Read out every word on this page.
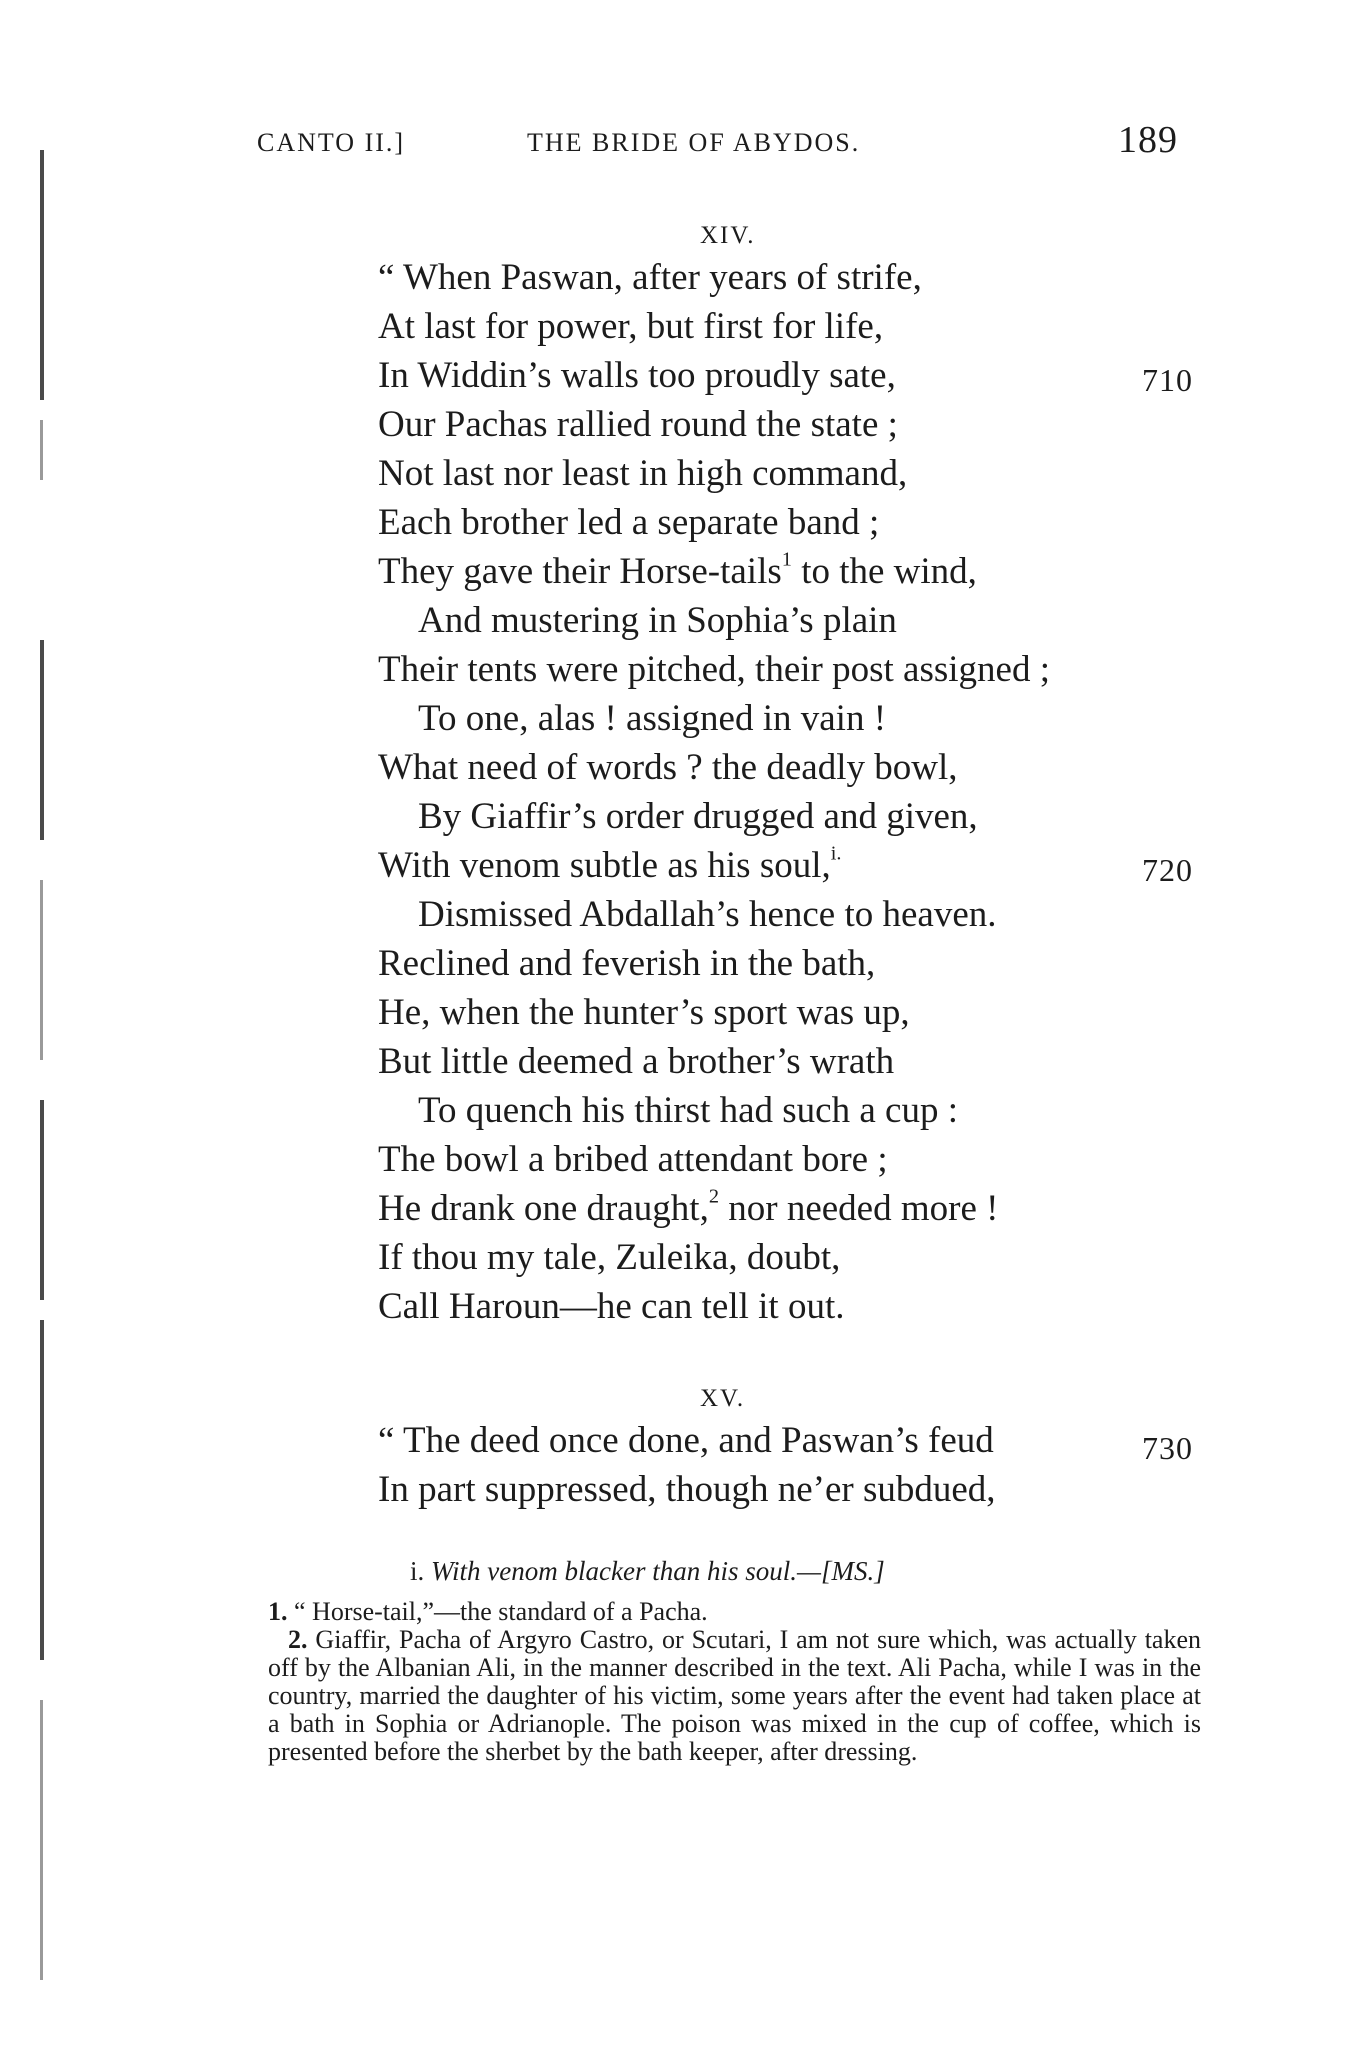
CANTO II.]	THE BRIDE OF ABYDOS.	189
XIV.
“ When Paswan, after years of strife,
At last for power, but first for life,
In Widdin’s walls too proudly sate,	710
Our Pachas rallied round the state ;
Not last nor least in high command,
Each brother led a separate band ;
They gave their Horse-tails$^1$ to the wind,
And mustering in Sophia’s plain
Their tents were pitched, their post assigned ;
To one, alas ! assigned in vain !
What need of words ? the deadly bowl,
By Giaffir’s order drugged and given,
With venom subtle as his soul,$^{i.}$	720
Dismissed Abdallah’s hence to heaven.
Reclined and feverish in the bath,
He, when the hunter’s sport was up,
But little deemed a brother’s wrath
To quench his thirst had such a cup :
The bowl a bribed attendant bore ;
He drank one draught,$^2$ nor needed more !
If thou my tale, Zuleika, doubt,
Call Haroun—he can tell it out.
XV.
“ The deed once done, and Paswan’s feud	730
In part suppressed, though ne’er subdued,
i. With venom blacker than his soul.—[MS.]
1. “ Horse-tail,”—the standard of a Pacha.
2. Giaffir, Pacha of Argyro Castro, or Scutari, I am not sure which, was actually taken off by the Albanian Ali, in the manner described in the text. Ali Pacha, while I was in the country, married the daughter of his victim, some years after the event had taken place at a bath in Sophia or Adrianople. The poison was mixed in the cup of coffee, which is presented before the sherbet by the bath keeper, after dressing.
